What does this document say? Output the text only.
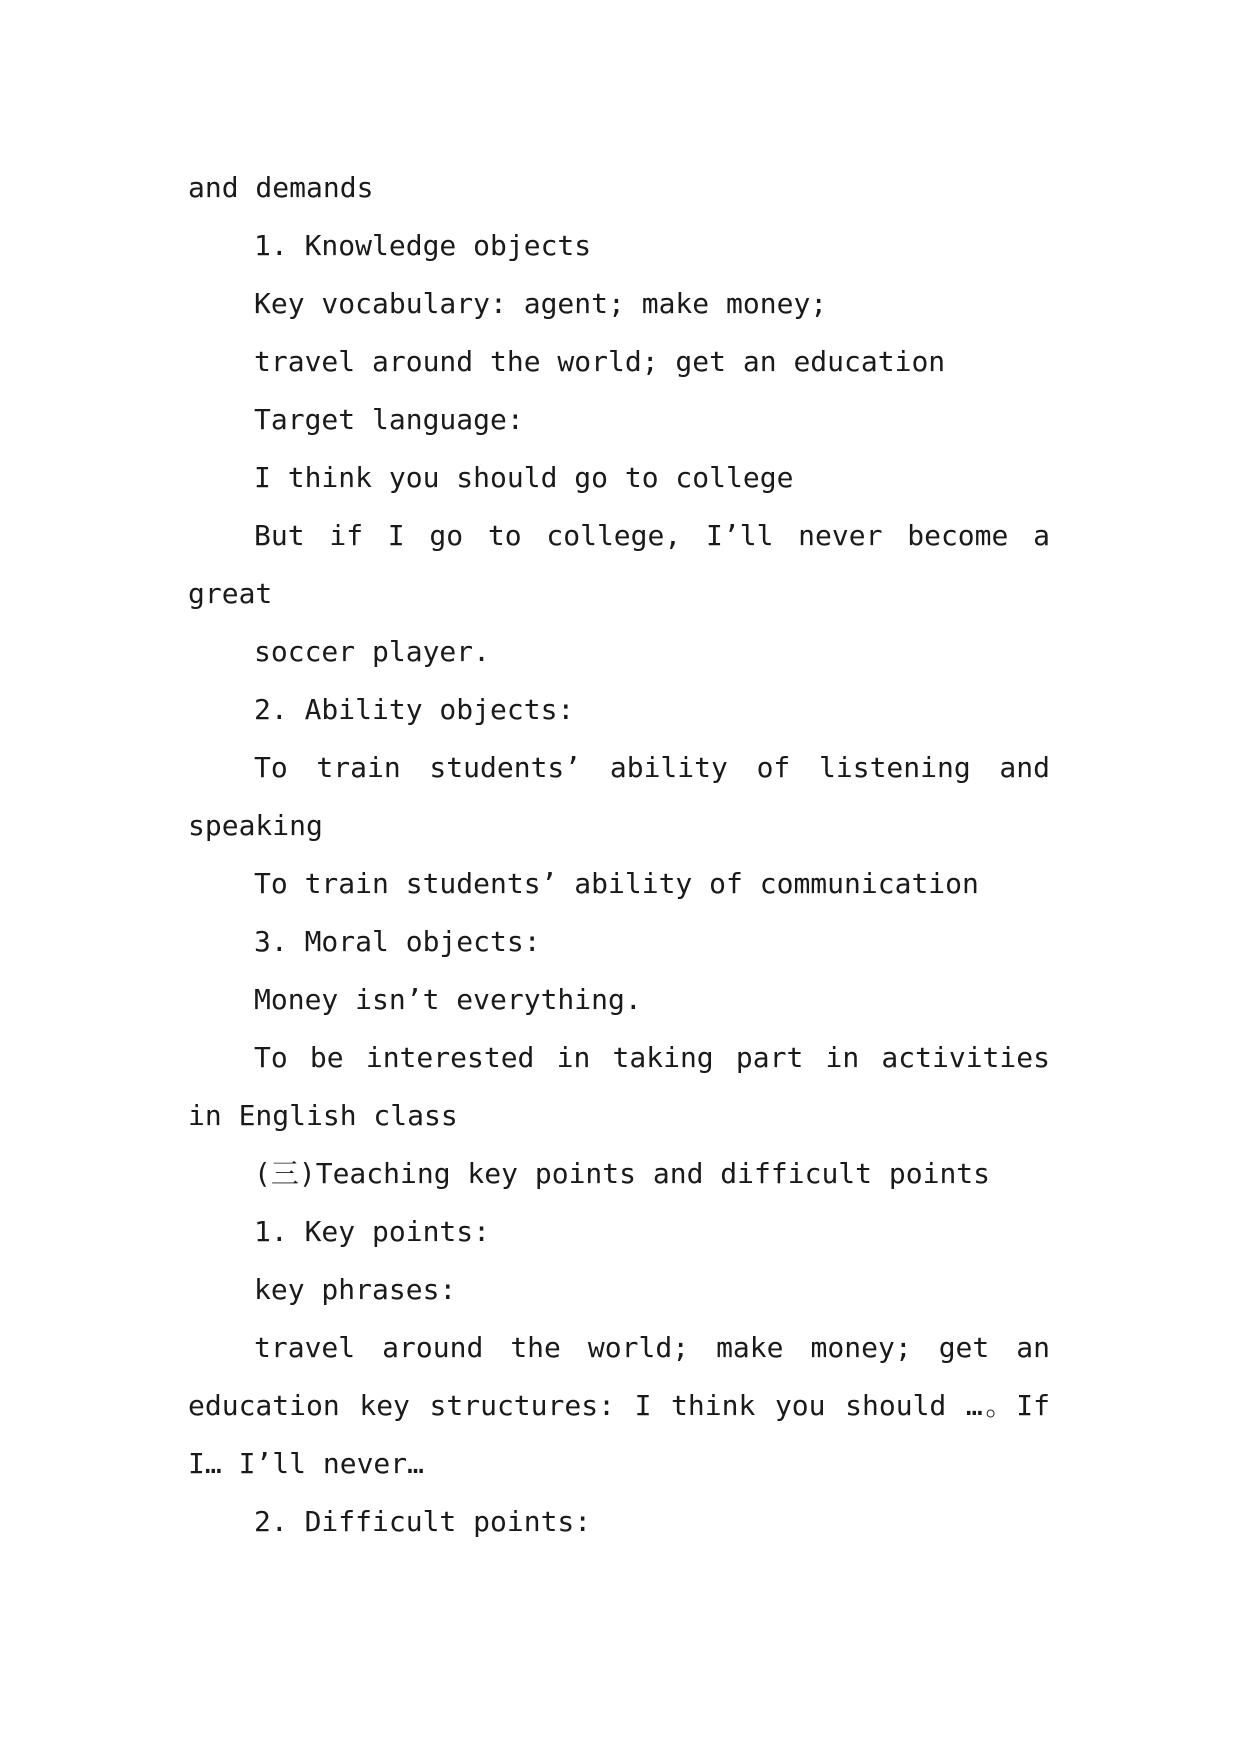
and demands
1. Knowledge objects
Key vocabulary: agent; make money;
travel around the world; get an education
Target language:
I think you should go to college
But if I go to college, I’ll never become a
great
soccer player.
2. Ability objects:
To train students’ ability of listening and
speaking
To train students’ ability of communication
3. Moral objects:
Money isn’t everything.
To be interested in taking part in activities
in English class
(三)Teaching key points and difficult points
1. Key points:
key phrases:
travel around the world; make money; get an
education key structures: I think you should …。If
I… I’ll never…
2. Difficult points:
